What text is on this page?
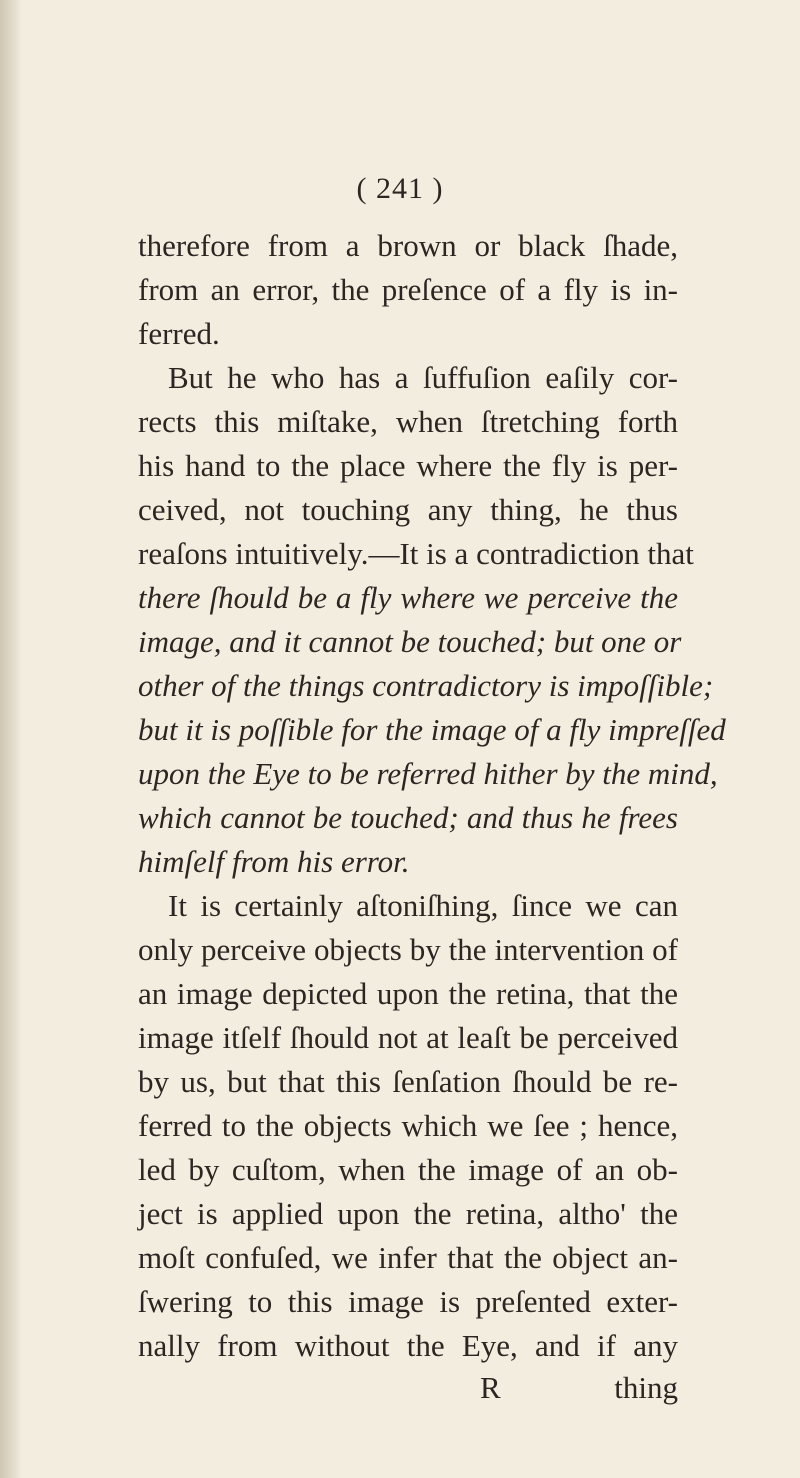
( 241 )
therefore from a brown or black ſhade,
from an error, the preſence of a fly is in-
ferred.
But he who has a ſuffuſion eaſily cor-
rects this miſtake, when ſtretching forth
his hand to the place where the fly is per-
ceived, not touching any thing, he thus
reaſons intuitively.—It is a contradiction that
there ſhould be a fly where we perceive the
image, and it cannot be touched; but one or
other of the things contradictory is impoſſible;
but it is poſſible for the image of a fly impreſſed
upon the Eye to be referred hither by the mind,
which cannot be touched; and thus he frees
himſelf from his error.
It is certainly aſtoniſhing, ſince we can
only perceive objects by the intervention of
an image depicted upon the retina, that the
image itſelf ſhould not at leaſt be perceived
by us, but that this ſenſation ſhould be re-
ferred to the objects which we ſee ; hence,
led by cuſtom, when the image of an ob-
ject is applied upon the retina, altho' the
moſt confuſed, we infer that the object an-
ſwering to this image is preſented exter-
nally from without the Eye, and if any
R	thing
